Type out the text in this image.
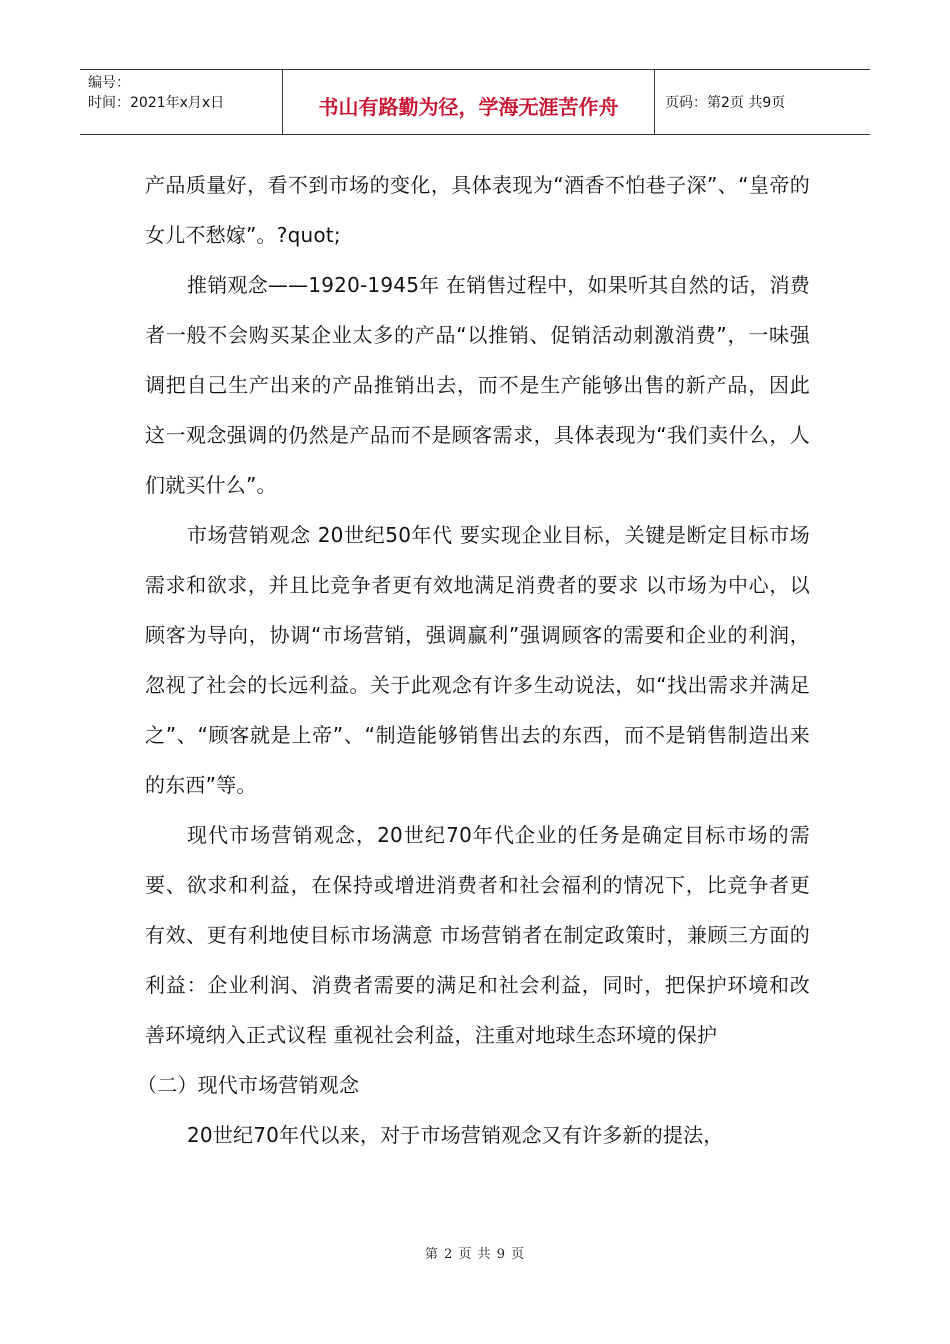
编号：
时间：2021年x月x日	书山有路勤为径，学海无涯苦作舟	页码：第2页 共9页

产品质量好，看不到市场的变化，具体表现为“酒香不怕巷子深”、“皇帝的女儿不愁嫁”。?quot;

推销观念——1920-1945年 在销售过程中，如果听其自然的话，消费者一般不会购买某企业太多的产品“以推销、促销活动刺激消费”，一味强调把自己生产出来的产品推销出去，而不是生产能够出售的新产品，因此这一观念强调的仍然是产品而不是顾客需求，具体表现为“我们卖什么，人们就买什么”。

市场营销观念 20世纪50年代 要实现企业目标，关键是断定目标市场需求和欲求，并且比竞争者更有效地满足消费者的要求 以市场为中心，以顾客为导向，协调“市场营销，强调赢利”强调顾客的需要和企业的利润，忽视了社会的长远利益。关于此观念有许多生动说法，如“找出需求并满足之”、“顾客就是上帝”、“制造能够销售出去的东西，而不是销售制造出来的东西”等。

现代市场营销观念，20世纪70年代企业的任务是确定目标市场的需要、欲求和利益，在保持或增进消费者和社会福利的情况下，比竞争者更有效、更有利地使目标市场满意 市场营销者在制定政策时，兼顾三方面的利益：企业利润、消费者需要的满足和社会利益，同时，把保护环境和改善环境纳入正式议程 重视社会利益，注重对地球生态环境的保护

（二）现代市场营销观念

20世纪70年代以来，对于市场营销观念又有许多新的提法，

第 2 页 共 9 页
